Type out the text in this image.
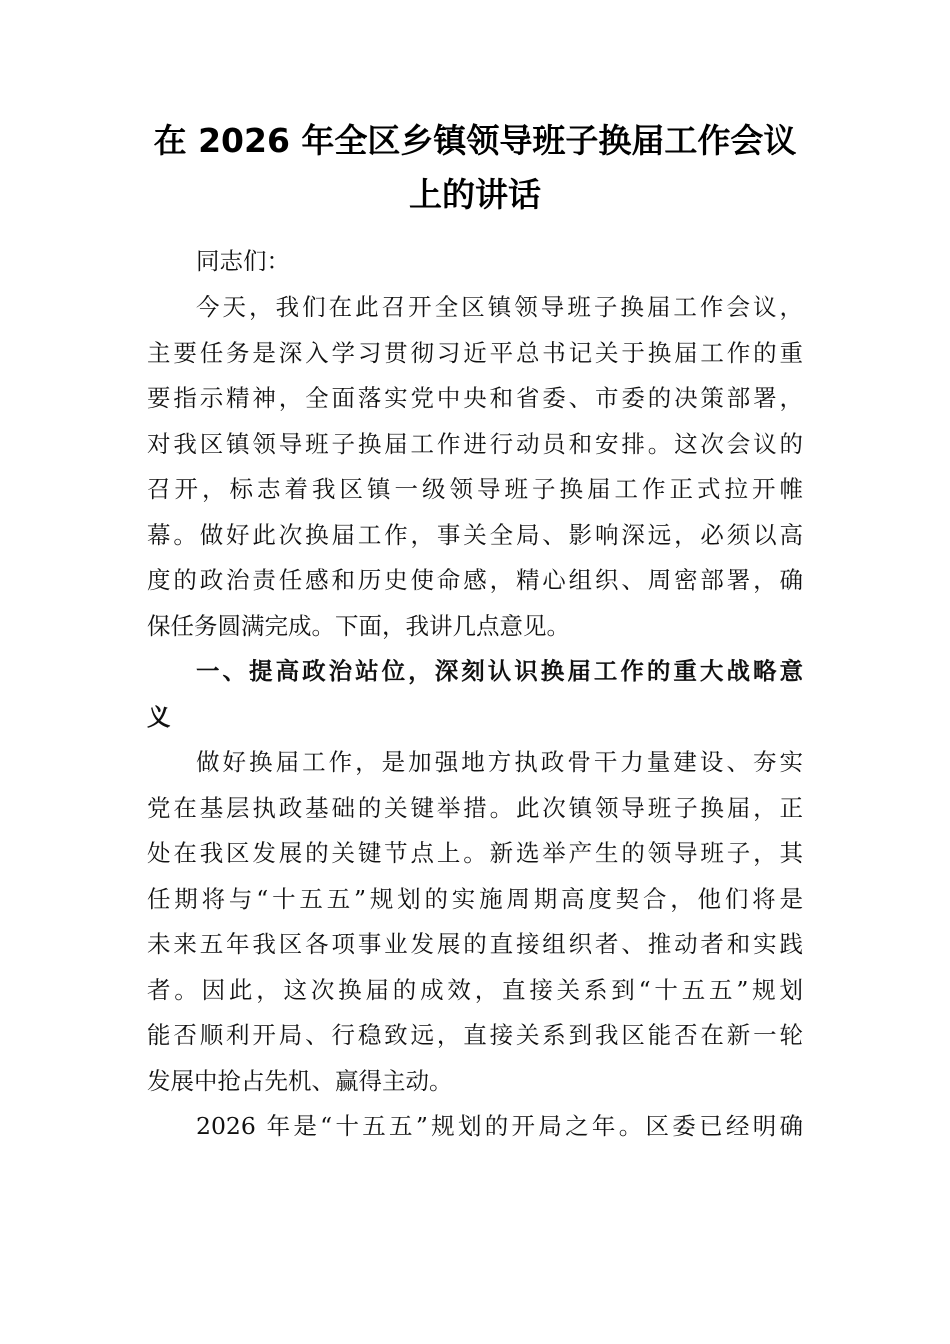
在 2026 年全区乡镇领导班子换届工作会议
上的讲话
同志们：
今天，我们在此召开全区镇领导班子换届工作会议，
主要任务是深入学习贯彻习近平总书记关于换届工作的重
要指示精神，全面落实党中央和省委、市委的决策部署，
对我区镇领导班子换届工作进行动员和安排。这次会议的
召开，标志着我区镇一级领导班子换届工作正式拉开帷
幕。做好此次换届工作，事关全局、影响深远，必须以高
度的政治责任感和历史使命感，精心组织、周密部署，确
保任务圆满完成。下面，我讲几点意见。
一、提高政治站位，深刻认识换届工作的重大战略意
义
做好换届工作，是加强地方执政骨干力量建设、夯实
党在基层执政基础的关键举措。此次镇领导班子换届，正
处在我区发展的关键节点上。新选举产生的领导班子，其
任期将与“十五五”规划的实施周期高度契合，他们将是
未来五年我区各项事业发展的直接组织者、推动者和实践
者。因此，这次换届的成效，直接关系到“十五五”规划
能否顺利开局、行稳致远，直接关系到我区能否在新一轮
发展中抢占先机、赢得主动。
2026 年是“十五五”规划的开局之年。区委已经明确
